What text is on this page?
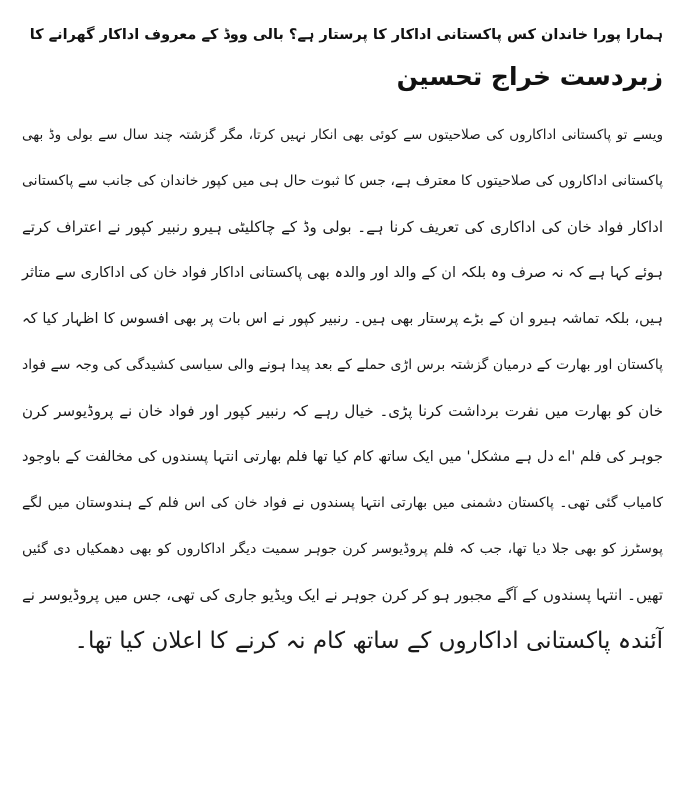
ہمارا پورا خاندان کس پاکستانی اداکار کا پرستار ہے؟ بالی ووڈ کے معروف اداکار گھرانے کا
زبردست خراج تحسین
ویسے تو پاکستانی اداکاروں کی صلاحیتوں سے کوئی بھی انکار نہیں کرتا، مگر گزشتہ چند سال سے بولی وڈ بھی
پاکستانی اداکاروں کی صلاحیتوں کا معترف ہے، جس کا ثبوت حال ہی میں کپور خاندان کی جانب سے پاکستانی
اداکار فواد خان کی اداکاری کی تعریف کرنا ہے۔ بولی وڈ کے چاکلیٹی ہیرو رنبیر کپور نے اعتراف کرتے
ہوئے کہا ہے کہ نہ صرف وہ بلکہ ان کے والد اور والدہ بھی پاکستانی اداکار فواد خان کی اداکاری سے متاثر
ہیں، بلکہ تماشہ ہیرو ان کے بڑے پرستار بھی ہیں۔ رنبیر کپور نے اس بات پر بھی افسوس کا اظہار کیا کہ
پاکستان اور بھارت کے درمیان گزشتہ برس اڑی حملے کے بعد پیدا ہونے والی سیاسی کشیدگی کی وجہ سے فواد
خان کو بھارت میں نفرت برداشت کرنا پڑی۔ خیال رہے کہ رنبیر کپور اور فواد خان نے پروڈیوسر کرن
جوہر کی فلم 'اے دل ہے مشکل' میں ایک ساتھ کام کیا تھا فلم بھارتی انتہا پسندوں کی مخالفت کے باوجود
کامیاب گئی تھی۔ پاکستان دشمنی میں بھارتی انتہا پسندوں نے فواد خان کی اس فلم کے ہندوستان میں لگے
پوسٹرز کو بھی جلا دیا تھا، جب کہ فلم پروڈیوسر کرن جوہر سمیت دیگر اداکاروں کو بھی دھمکیاں دی گئیں
تھیں۔ انتہا پسندوں کے آگے مجبور ہو کر کرن جوہر نے ایک ویڈیو جاری کی تھی، جس میں پروڈیوسر نے
آئندہ پاکستانی اداکاروں کے ساتھ کام نہ کرنے کا اعلان کیا تھا۔
